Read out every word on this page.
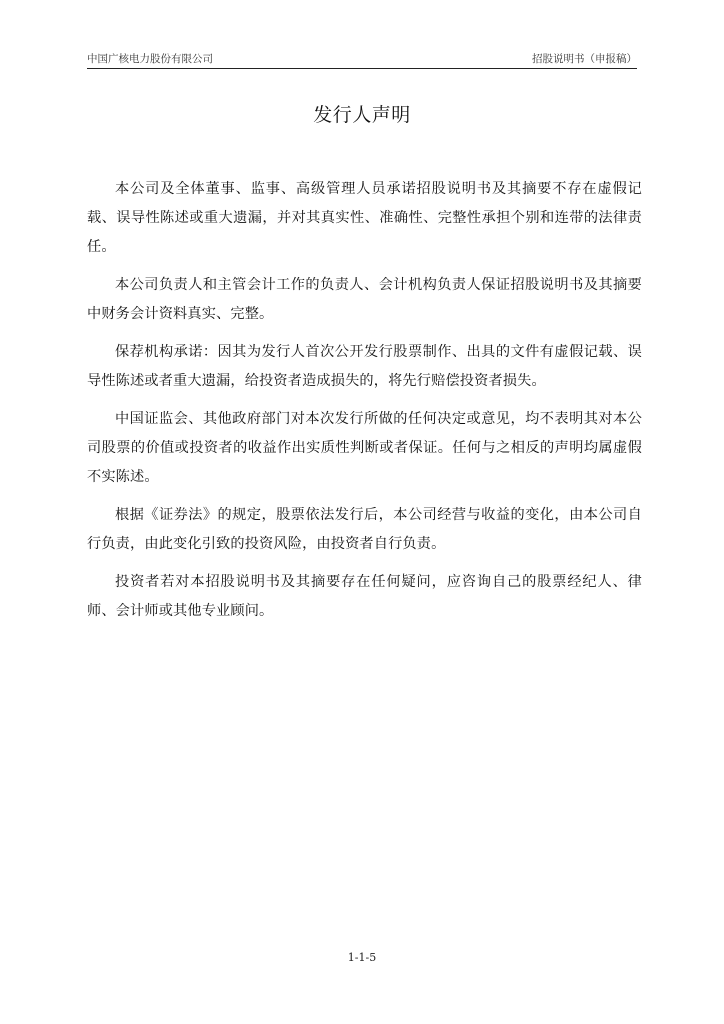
中国广核电力股份有限公司	招股说明书（申报稿）
发行人声明

本公司及全体董事、监事、高级管理人员承诺招股说明书及其摘要不存在虚假记载、误导性陈述或重大遗漏，并对其真实性、准确性、完整性承担个别和连带的法律责任。

本公司负责人和主管会计工作的负责人、会计机构负责人保证招股说明书及其摘要中财务会计资料真实、完整。

保荐机构承诺：因其为发行人首次公开发行股票制作、出具的文件有虚假记载、误导性陈述或者重大遗漏，给投资者造成损失的，将先行赔偿投资者损失。

中国证监会、其他政府部门对本次发行所做的任何决定或意见，均不表明其对本公司股票的价值或投资者的收益作出实质性判断或者保证。任何与之相反的声明均属虚假不实陈述。

根据《证券法》的规定，股票依法发行后，本公司经营与收益的变化，由本公司自行负责，由此变化引致的投资风险，由投资者自行负责。

投资者若对本招股说明书及其摘要存在任何疑问，应咨询自己的股票经纪人、律师、会计师或其他专业顾问。

1-1-5
